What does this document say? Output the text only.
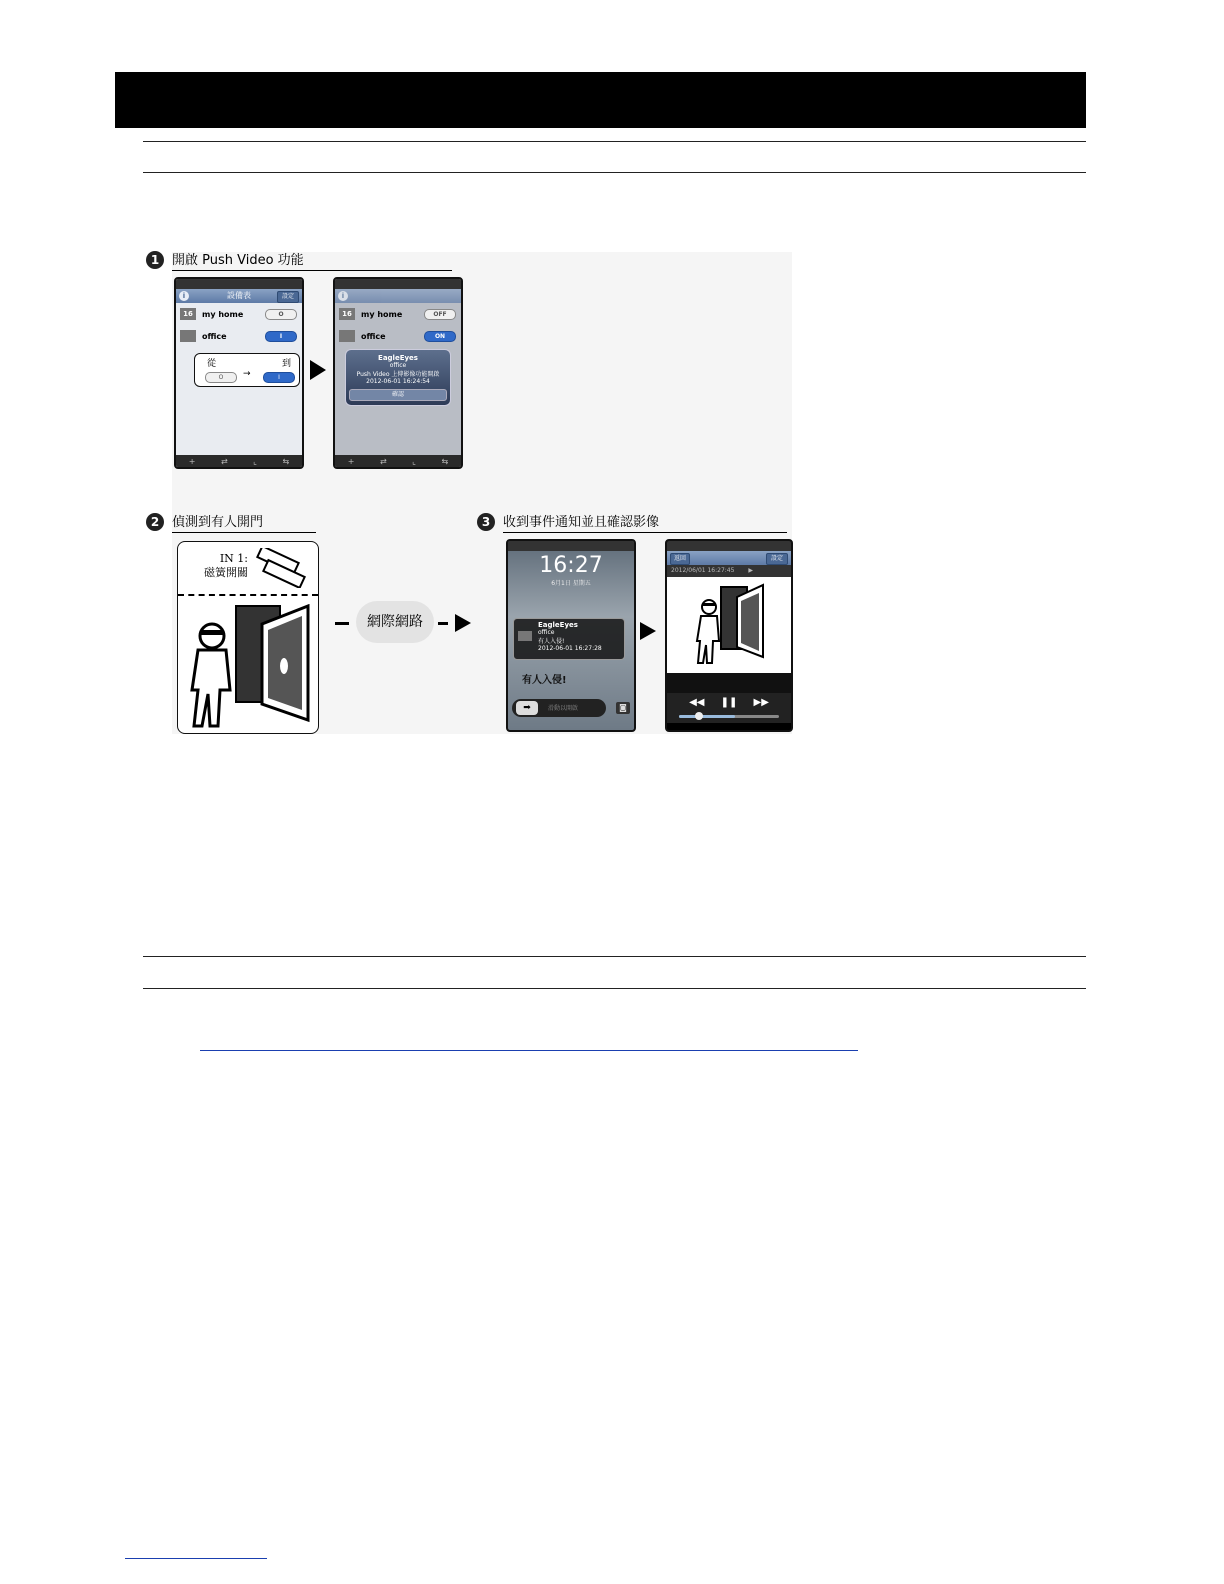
1 開啟 Push Video 功能
i	設備表	設定
16	my home	O
office	I
+	⇄	⌞	⇆
從	到
O	→	I
i
16	my home	OFF
office	ON
EagleEyes
office
Push Video 上傳影像功能開啟
2012-06-01 16:24:54
確認
+	⇄	⌞	⇆
2 偵測到有人開門
IN 1:
磁簧開關
網際網路
3 收到事件通知並且確認影像
16:27
6月1日 星期五
EagleEyes
office
有人入侵!
2012-06-01 16:27:28
有人入侵!
➡	滑動以開啟	◙
返回	設定
2012/06/01 16:27:45 ▶
◀◀ ❚❚ ▶▶
